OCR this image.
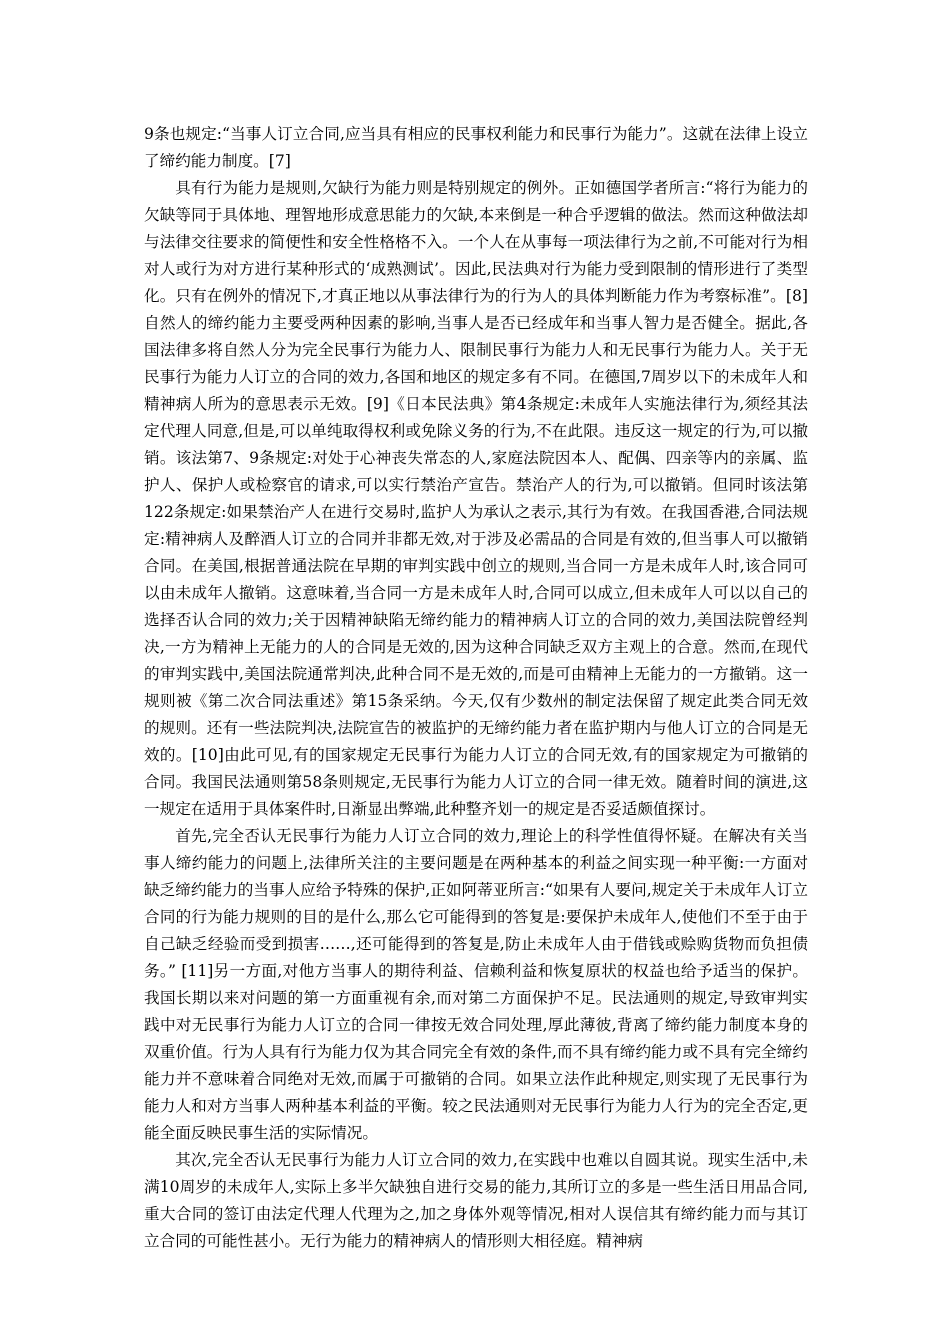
9条也规定:“当事人订立合同,应当具有相应的民事权利能力和民事行为能力”。这就在法律上设立了缔约能力制度。[7]

具有行为能力是规则,欠缺行为能力则是特别规定的例外。正如德国学者所言:“将行为能力的欠缺等同于具体地、理智地形成意思能力的欠缺,本来倒是一种合乎逻辑的做法。然而这种做法却与法律交往要求的简便性和安全性格格不入。一个人在从事每一项法律行为之前,不可能对行为相对人或行为对方进行某种形式的‘成熟测试’。因此,民法典对行为能力受到限制的情形进行了类型化。只有在例外的情况下,才真正地以从事法律行为的行为人的具体判断能力作为考察标准”。[8]自然人的缔约能力主要受两种因素的影响,当事人是否已经成年和当事人智力是否健全。据此,各国法律多将自然人分为完全民事行为能力人、限制民事行为能力人和无民事行为能力人。关于无民事行为能力人订立的合同的效力,各国和地区的规定多有不同。在德国,7周岁以下的未成年人和精神病人所为的意思表示无效。[9]《日本民法典》第4条规定:未成年人实施法律行为,须经其法定代理人同意,但是,可以单纯取得权利或免除义务的行为,不在此限。违反这一规定的行为,可以撤销。该法第7、9条规定:对处于心神丧失常态的人,家庭法院因本人、配偶、四亲等内的亲属、监护人、保护人或检察官的请求,可以实行禁治产宣告。禁治产人的行为,可以撤销。但同时该法第122条规定:如果禁治产人在进行交易时,监护人为承认之表示,其行为有效。在我国香港,合同法规定:精神病人及醉酒人订立的合同并非都无效,对于涉及必需品的合同是有效的,但当事人可以撤销合同。在美国,根据普通法院在早期的审判实践中创立的规则,当合同一方是未成年人时,该合同可以由未成年人撤销。这意味着,当合同一方是未成年人时,合同可以成立,但未成年人可以以自己的选择否认合同的效力;关于因精神缺陷无缔约能力的精神病人订立的合同的效力,美国法院曾经判决,一方为精神上无能力的人的合同是无效的,因为这种合同缺乏双方主观上的合意。然而,在现代的审判实践中,美国法院通常判决,此种合同不是无效的,而是可由精神上无能力的一方撤销。这一规则被《第二次合同法重述》第15条采纳。今天,仅有少数州的制定法保留了规定此类合同无效的规则。还有一些法院判决,法院宣告的被监护的无缔约能力者在监护期内与他人订立的合同是无效的。[10]由此可见,有的国家规定无民事行为能力人订立的合同无效,有的国家规定为可撤销的合同。我国民法通则第58条则规定,无民事行为能力人订立的合同一律无效。随着时间的演进,这一规定在适用于具体案件时,日渐显出弊端,此种整齐划一的规定是否妥适颇值探讨。

首先,完全否认无民事行为能力人订立合同的效力,理论上的科学性值得怀疑。在解决有关当事人缔约能力的问题上,法律所关注的主要问题是在两种基本的利益之间实现一种平衡:一方面对缺乏缔约能力的当事人应给予特殊的保护,正如阿蒂亚所言:“如果有人要问,规定关于未成年人订立合同的行为能力规则的目的是什么,那么它可能得到的答复是:要保护未成年人,使他们不至于由于自己缺乏经验而受到损害……,还可能得到的答复是,防止未成年人由于借钱或赊购货物而负担债务。” [11]另一方面,对他方当事人的期待利益、信赖利益和恢复原状的权益也给予适当的保护。我国长期以来对问题的第一方面重视有余,而对第二方面保护不足。民法通则的规定,导致审判实践中对无民事行为能力人订立的合同一律按无效合同处理,厚此薄彼,背离了缔约能力制度本身的双重价值。行为人具有行为能力仅为其合同完全有效的条件,而不具有缔约能力或不具有完全缔约能力并不意味着合同绝对无效,而属于可撤销的合同。如果立法作此种规定,则实现了无民事行为能力人和对方当事人两种基本利益的平衡。较之民法通则对无民事行为能力人行为的完全否定,更能全面反映民事生活的实际情况。

其次,完全否认无民事行为能力人订立合同的效力,在实践中也难以自圆其说。现实生活中,未满10周岁的未成年人,实际上多半欠缺独自进行交易的能力,其所订立的多是一些生活日用品合同,重大合同的签订由法定代理人代理为之,加之身体外观等情况,相对人误信其有缔约能力而与其订立合同的可能性甚小。无行为能力的精神病人的情形则大相径庭。精神病
